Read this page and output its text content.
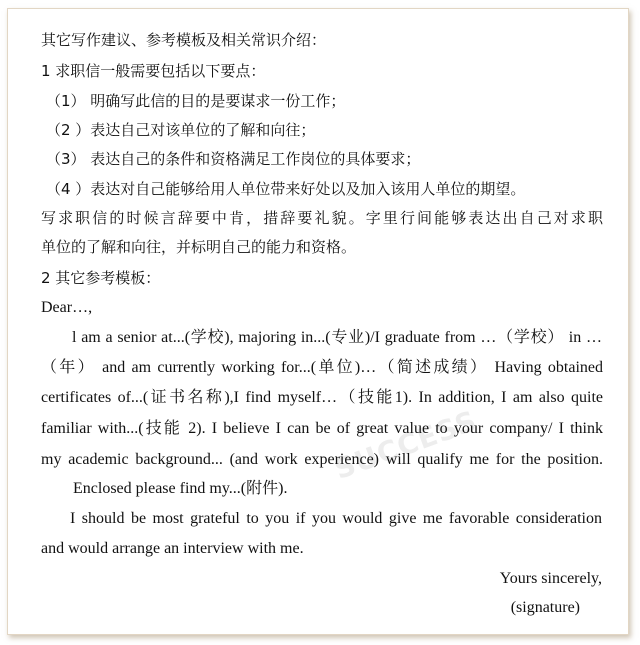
SUCCESS
其它写作建议、参考模板及相关常识介绍：
1 求职信一般需要包括以下要点：
（1） 明确写此信的目的是要谋求一份工作；
（2 ）表达自己对该单位的了解和向往；
（3） 表达自己的条件和资格满足工作岗位的具体要求；
（4 ）表达对自己能够给用人单位带来好处以及加入该用人单位的期望。
写求职信的时候言辞要中肯，措辞要礼貌。字里行间能够表达出自己对求职
单位的了解和向往，并标明自己的能力和资格。
2 其它参考模板：
Dear…,
l am a senior at...(学校), majoring in...(专业)/I graduate from …（学校） in …
（年） and am currently working for...(单位)…（简述成绩） Having obtained
certificates of...(证书名称),I find myself…（技能1). In addition, I am also quite
familiar with...(技能 2). I believe I can be of great value to your company/ I think
my academic background... (and work experience) will qualify me for the position.
Enclosed please find my...(附件).
I should be most grateful to you if you would give me favorable consideration
and would arrange an interview with me.
Yours sincerely,
(signature)
